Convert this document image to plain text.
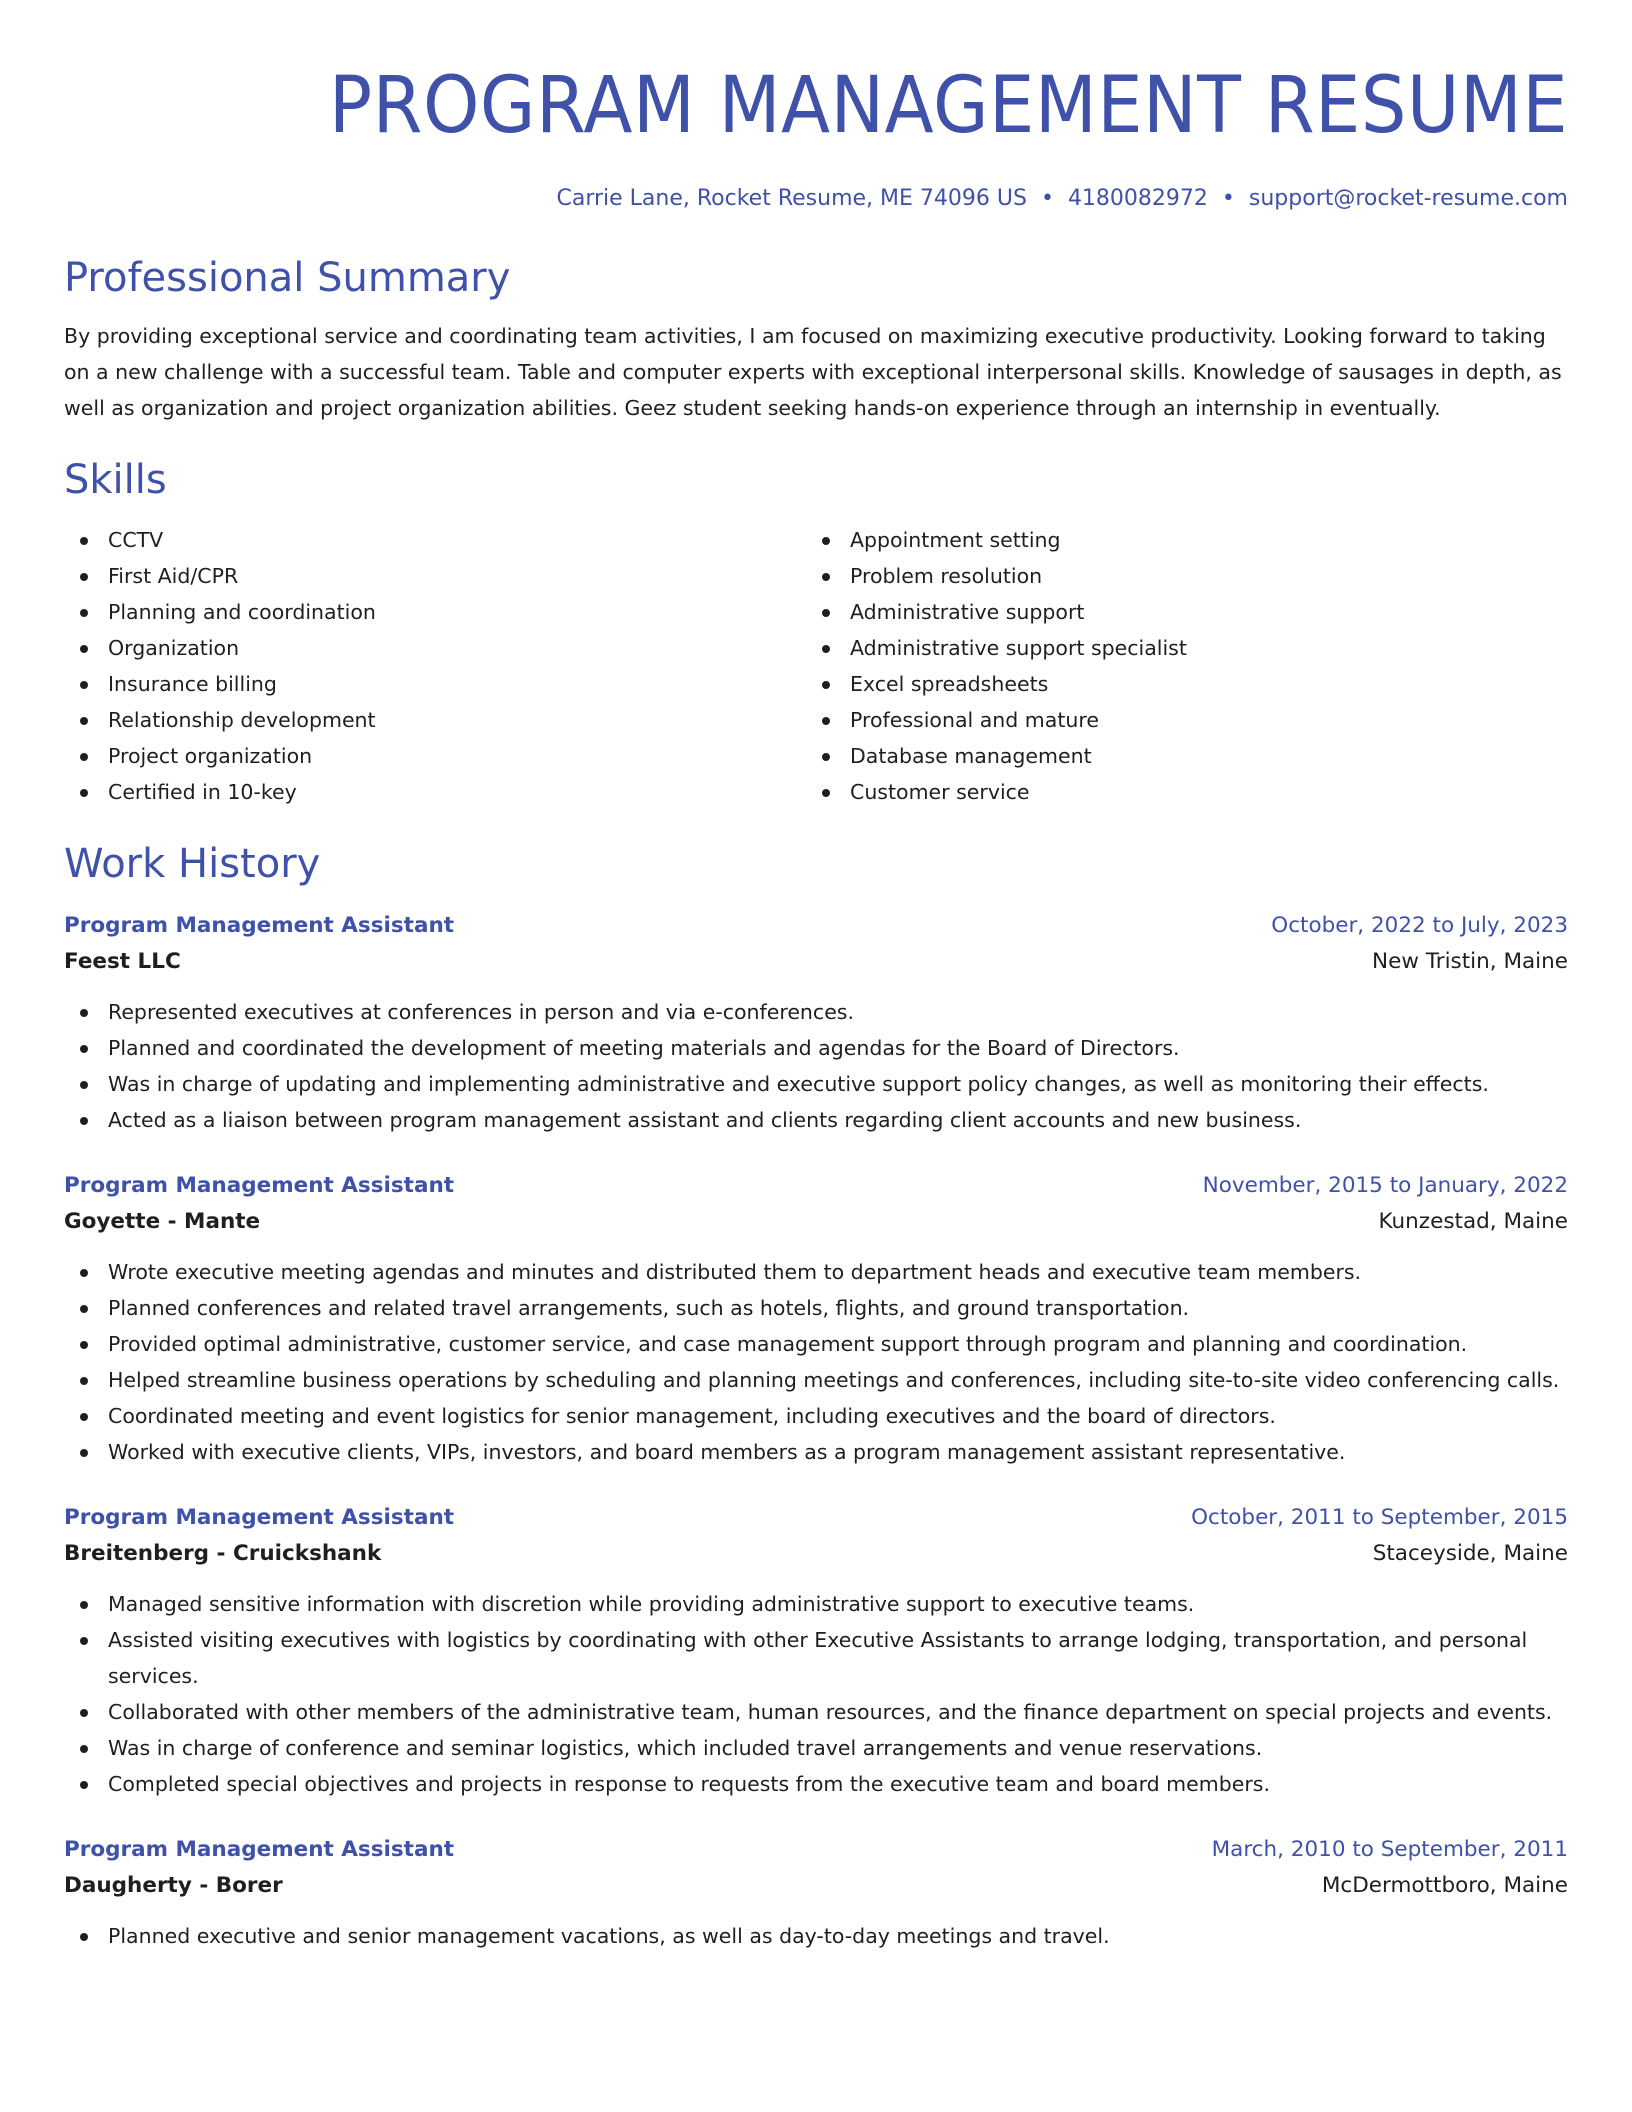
PROGRAM MANAGEMENT RESUME
Carrie Lane, Rocket Resume, ME 74096 US • 4180082972 • support@rocket-resume.com
Professional Summary

By providing exceptional service and coordinating team activities, I am focused on maximizing executive productivity. Looking forward to taking on a new challenge with a successful team. Table and computer experts with exceptional interpersonal skills. Knowledge of sausages in depth, as well as organization and project organization abilities. Geez student seeking hands-on experience through an internship in eventually.

Skills
CCTV
First Aid/CPR
Planning and coordination
Organization
Insurance billing
Relationship development
Project organization
Certified in 10-key
Appointment setting
Problem resolution
Administrative support
Administrative support specialist
Excel spreadsheets
Professional and mature
Database management
Customer service
Work History
Program Management Assistant	October, 2022 to July, 2023
Feest LLC	New Tristin, Maine
Represented executives at conferences in person and via e-conferences.
Planned and coordinated the development of meeting materials and agendas for the Board of Directors.
Was in charge of updating and implementing administrative and executive support policy changes, as well as monitoring their effects.
Acted as a liaison between program management assistant and clients regarding client accounts and new business.
Program Management Assistant	November, 2015 to January, 2022
Goyette - Mante	Kunzestad, Maine
Wrote executive meeting agendas and minutes and distributed them to department heads and executive team members.
Planned conferences and related travel arrangements, such as hotels, flights, and ground transportation.
Provided optimal administrative, customer service, and case management support through program and planning and coordination.
Helped streamline business operations by scheduling and planning meetings and conferences, including site-to-site video conferencing calls.
Coordinated meeting and event logistics for senior management, including executives and the board of directors.
Worked with executive clients, VIPs, investors, and board members as a program management assistant representative.
Program Management Assistant	October, 2011 to September, 2015
Breitenberg - Cruickshank	Staceyside, Maine
Managed sensitive information with discretion while providing administrative support to executive teams.
Assisted visiting executives with logistics by coordinating with other Executive Assistants to arrange lodging, transportation, and personal services.
Collaborated with other members of the administrative team, human resources, and the finance department on special projects and events.
Was in charge of conference and seminar logistics, which included travel arrangements and venue reservations.
Completed special objectives and projects in response to requests from the executive team and board members.
Program Management Assistant	March, 2010 to September, 2011
Daugherty - Borer	McDermottboro, Maine
Planned executive and senior management vacations, as well as day-to-day meetings and travel.
